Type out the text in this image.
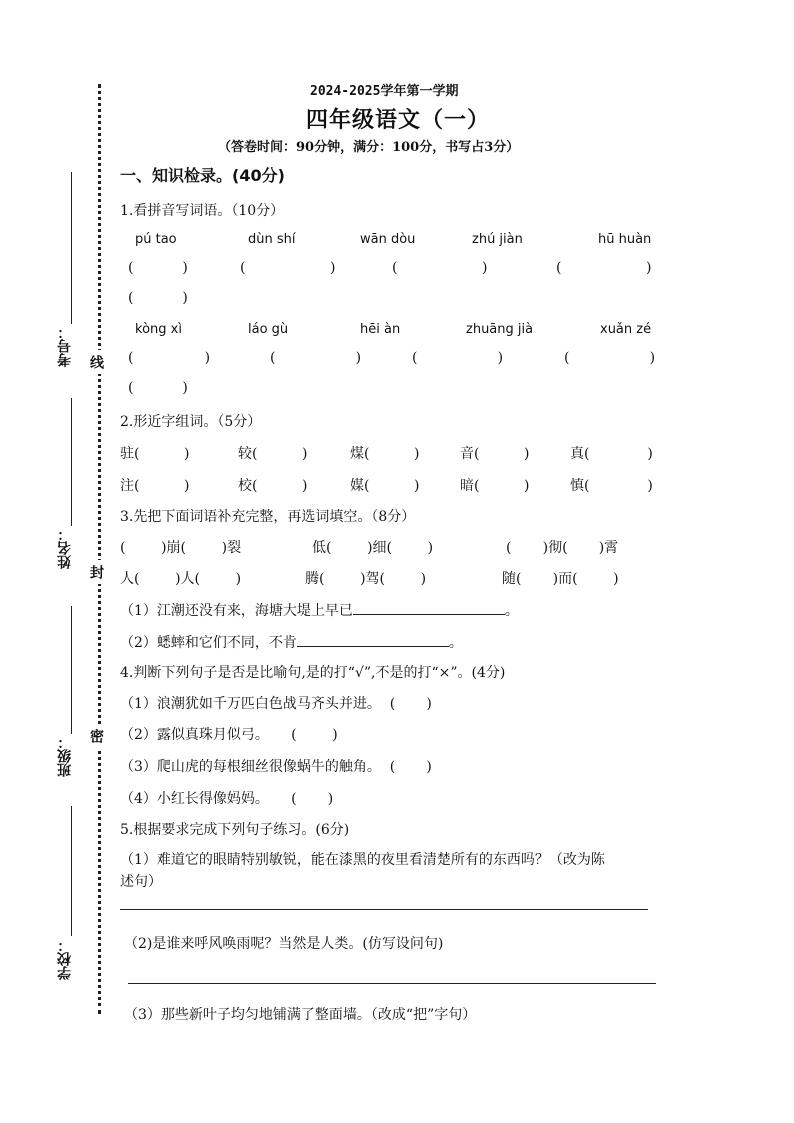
考号：
姓名：
班级：
学校：
线
封
密
2024-2025学年第一学期
四年级语文（一）
（答卷时间：90分钟，满分：100分，书写占3分）
一、知识检录。(40分)
1.看拼音写词语。（10分）
pú tao	dùn shí	wān dòu	zhú jiàn	hū huàn
(           )	(                   )	(                   )	(                   )
(           )
kòng xì	láo gù	hēi àn	zhuāng jià	xuǎn zé
(                )	(                  )	(                  )	(                  )
(           )
2.形近字组词。（5分）
驻(          )	较(          )	煤(          )	音(          )	真(             )
注(          )	校(          )	媒(          )	暗(          )	慎(             )
3.先把下面词语补充完整，再选词填空。（8分）
(        )崩(        )裂	低(        )细(        )	(       )彻(       )霄
人(        )人(        )	腾(        )驾(        )	随(       )而(        )
（1）江潮还没有来，海塘大堤上早已	。
（2）蟋蟀和它们不同，不肯	。
4.判断下列句子是否是比喻句,是的打“√”,不是的打“×”。(4分)
（1）浪潮犹如千万匹白色战马齐头并进。  (       )
（2）露似真珠月似弓。     (        )
（3）爬山虎的每根细丝很像蜗牛的触角。  (       )
（4）小红长得像妈妈。     (       )
5.根据要求完成下列句子练习。(6分)
（1）难道它的眼睛特别敏锐，能在漆黑的夜里看清楚所有的东西吗？（改为陈
述句）
（2)是谁来呼风唤雨呢？当然是人类。(仿写设问句)
（3）那些新叶子均匀地铺满了整面墙。（改成“把”字句）
